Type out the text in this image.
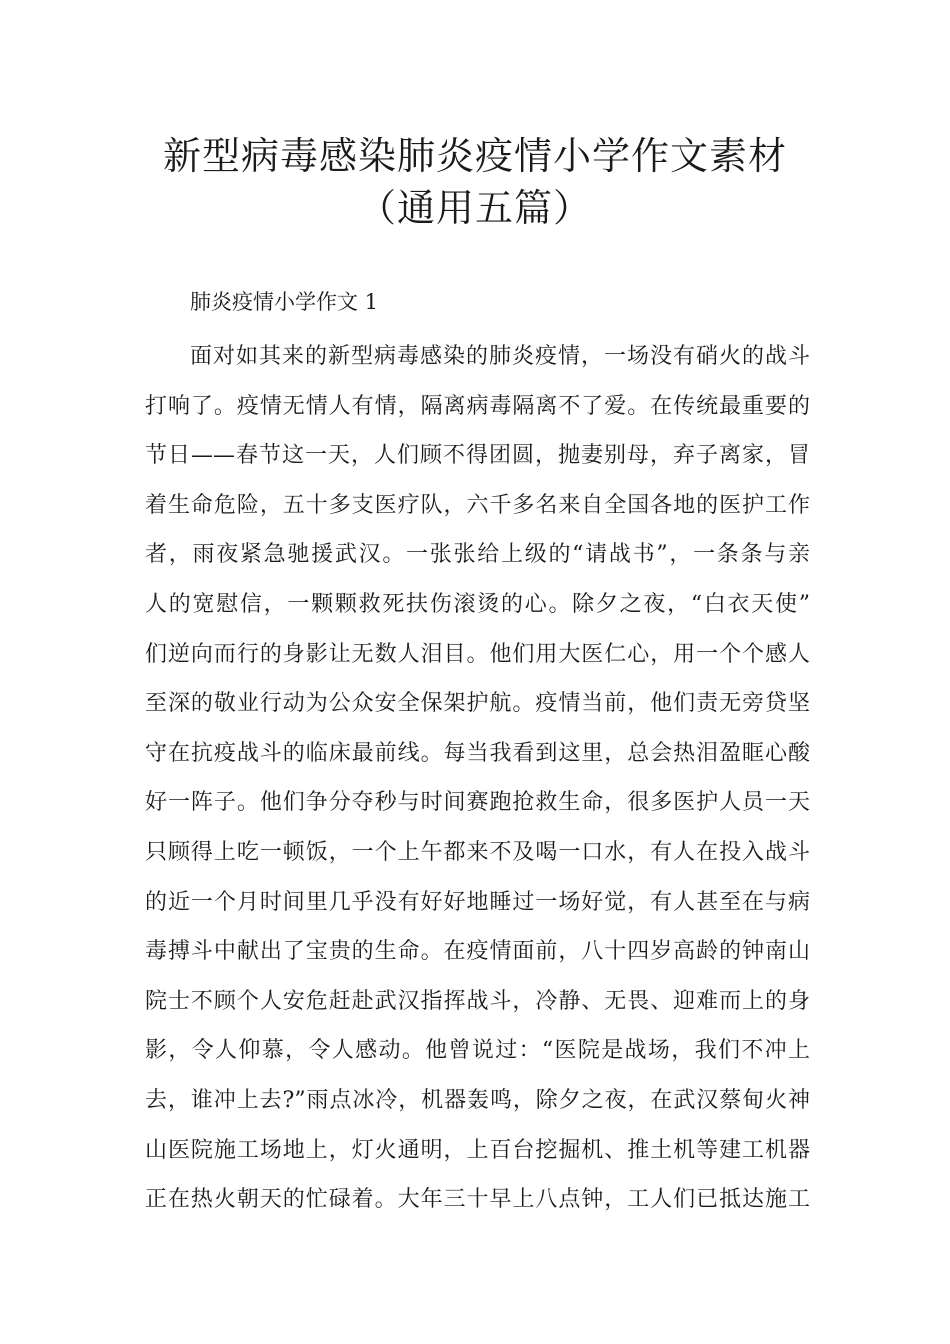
新型病毒感染肺炎疫情小学作文素材
（通用五篇）

肺炎疫情小学作文 1

面对如其来的新型病毒感染的肺炎疫情，一场没有硝火的战斗
打响了。疫情无情人有情，隔离病毒隔离不了爱。在传统最重要的
节日——春节这一天，人们顾不得团圆，抛妻别母，弃子离家，冒
着生命危险，五十多支医疗队，六千多名来自全国各地的医护工作
者，雨夜紧急驰援武汉。一张张给上级的“请战书”，一条条与亲
人的宽慰信，一颗颗救死扶伤滚烫的心。除夕之夜，“白衣天使”
们逆向而行的身影让无数人泪目。他们用大医仁心，用一个个感人
至深的敬业行动为公众安全保架护航。疫情当前，他们责无旁贷坚
守在抗疫战斗的临床最前线。每当我看到这里，总会热泪盈眶心酸
好一阵子。他们争分夺秒与时间赛跑抢救生命，很多医护人员一天
只顾得上吃一顿饭，一个上午都来不及喝一口水，有人在投入战斗
的近一个月时间里几乎没有好好地睡过一场好觉，有人甚至在与病
毒搏斗中献出了宝贵的生命。在疫情面前，八十四岁高龄的钟南山
院士不顾个人安危赶赴武汉指挥战斗，冷静、无畏、迎难而上的身
影，令人仰慕，令人感动。他曾说过：“医院是战场，我们不冲上
去，谁冲上去?”雨点冰冷，机器轰鸣，除夕之夜，在武汉蔡甸火神
山医院施工场地上，灯火通明，上百台挖掘机、推土机等建工机器
正在热火朝天的忙碌着。大年三十早上八点钟，工人们已抵达施工
